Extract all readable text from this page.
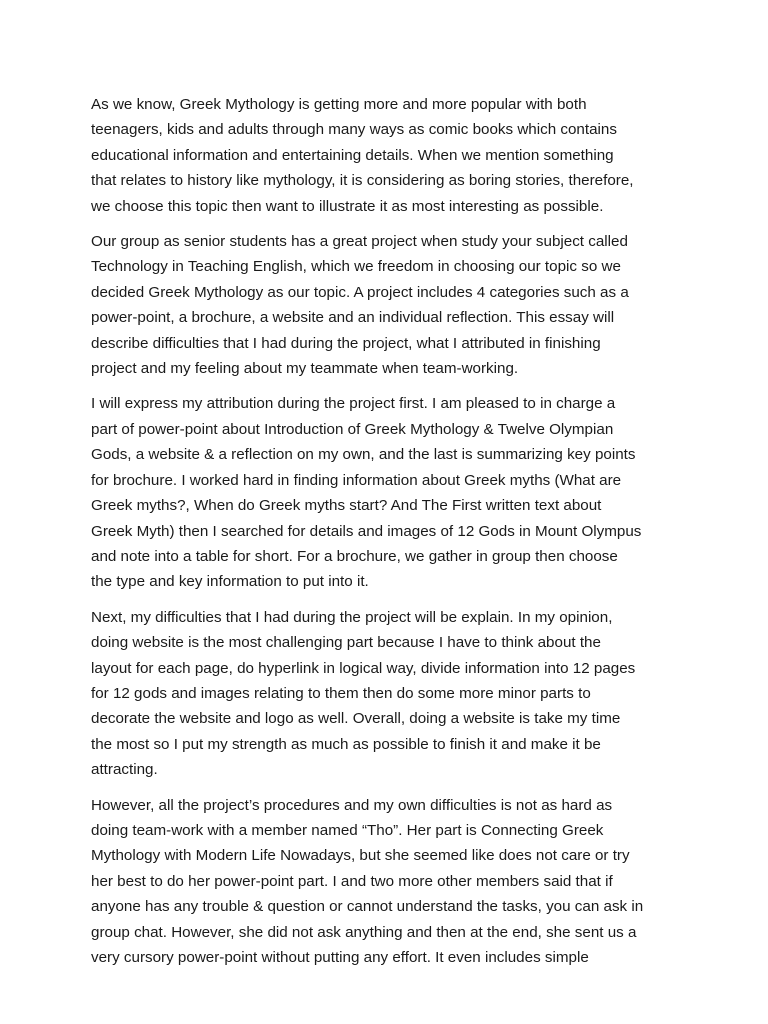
As we know, Greek Mythology is getting more and more popular with both
teenagers, kids and adults through many ways as comic books which contains
educational information and entertaining details. When we mention something
that relates to history like mythology, it is considering as boring stories, therefore,
we choose this topic then want to illustrate it as most interesting as possible.

Our group as senior students has a great project when study your subject called
Technology in Teaching English, which we freedom in choosing our topic so we
decided Greek Mythology as our topic. A project includes 4 categories such as a
power-point, a brochure, a website and an individual reflection. This essay will
describe difficulties that I had during the project, what I attributed in finishing
project and my feeling about my teammate when team-working.

I will express my attribution during the project first. I am pleased to in charge a
part of power-point about Introduction of Greek Mythology & Twelve Olympian
Gods, a website & a reflection on my own, and the last is summarizing key points
for brochure. I worked hard in finding information about Greek myths (What are
Greek myths?, When do Greek myths start? And The First written text about
Greek Myth) then I searched for details and images of 12 Gods in Mount Olympus
and note into a table for short. For a brochure, we gather in group then choose
the type and key information to put into it.

Next, my difficulties that I had during the project will be explain. In my opinion,
doing website is the most challenging part because I have to think about the
layout for each page, do hyperlink in logical way, divide information into 12 pages
for 12 gods and images relating to them then do some more minor parts to
decorate the website and logo as well. Overall, doing a website is take my time
the most so I put my strength as much as possible to finish it and make it be
attracting.

However, all the project’s procedures and my own difficulties is not as hard as
doing team-work with a member named “Tho”. Her part is Connecting Greek
Mythology with Modern Life Nowadays, but she seemed like does not care or try
her best to do her power-point part. I and two more other members said that if
anyone has any trouble & question or cannot understand the tasks, you can ask in
group chat. However, she did not ask anything and then at the end, she sent us a
very cursory power-point without putting any effort. It even includes simple
